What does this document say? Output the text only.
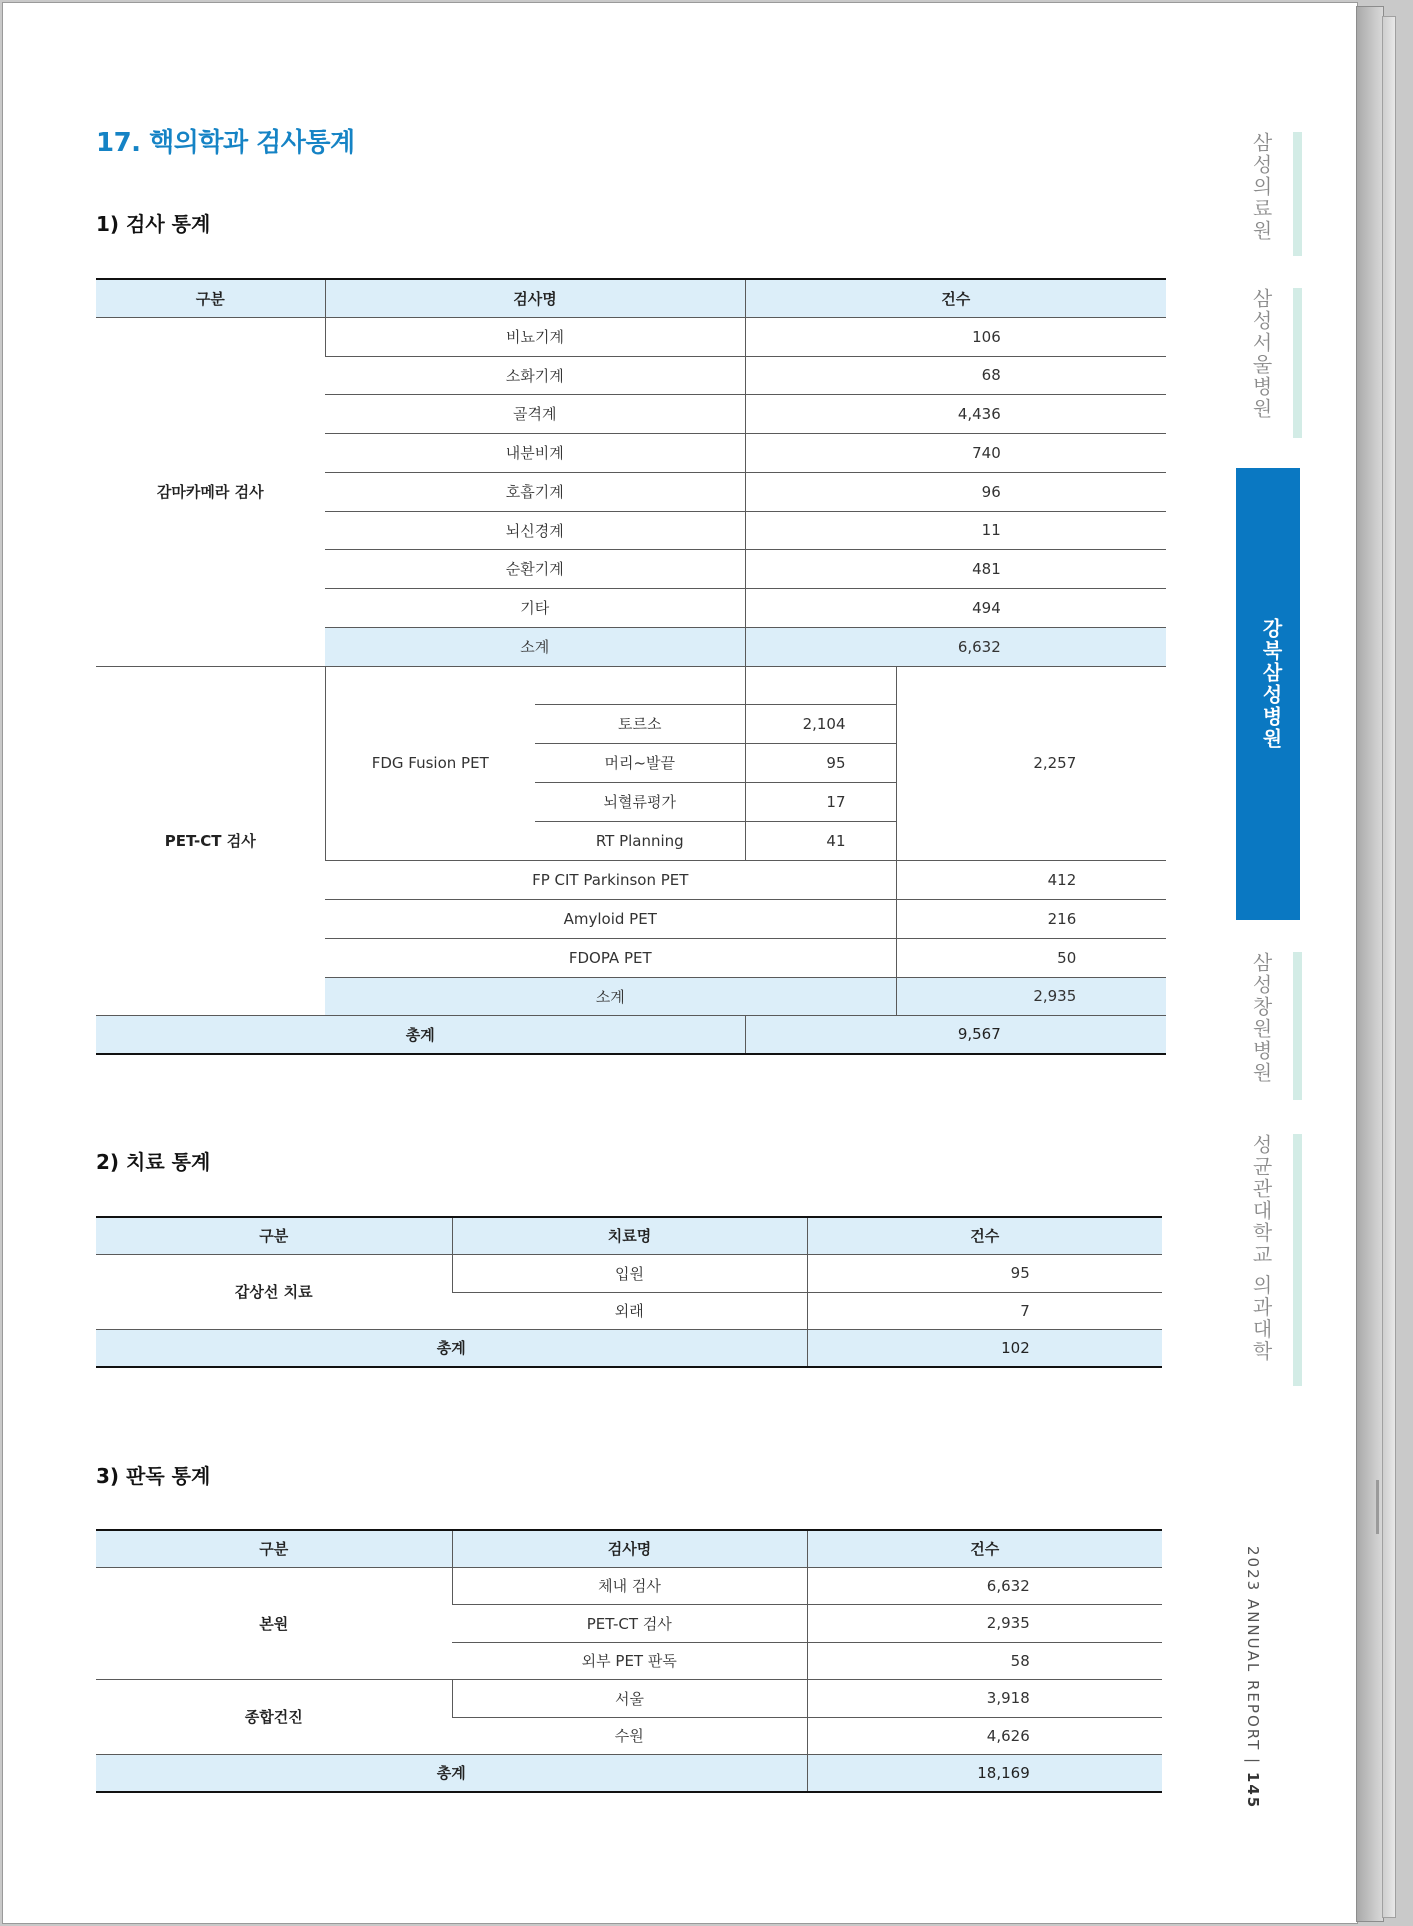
17. 핵의학과 검사통계
1) 검사 통계
구분	검사명		건수	
감마카메라 검사	비뇨기계		106	
	소화기계		68	
	골격계		4,436	
	내분비계		740	
	호흡기계		96	
	뇌신경계		11	
	순환기계		481	
	기타		494	
	소계		6,632	
PET-CT 검사	FDG Fusion PET			2,257
		토르소	2,104	
		머리~발끝	95	
		뇌혈류평가	17	
		RT Planning	41	
	FP CIT Parkinson PET			412
	Amyloid PET			216
	FDOPA PET			50
	소계			2,935
총계			9,567	
2) 치료 통계
구분	치료명	건수
갑상선 치료	입원	95
	외래	7
총계		102
3) 판독 통계
구분	검사명	건수
본원	체내 검사	6,632
	PET-CT 검사	2,935
	외부 PET 판독	58
종합건진	서울	3,918
	수원	4,626
총계		18,169
삼성의료원
삼성서울병원
강북삼성병원
삼성창원병원
성균관대학교 의과대학
2023 ANNUAL REPORT | 145
